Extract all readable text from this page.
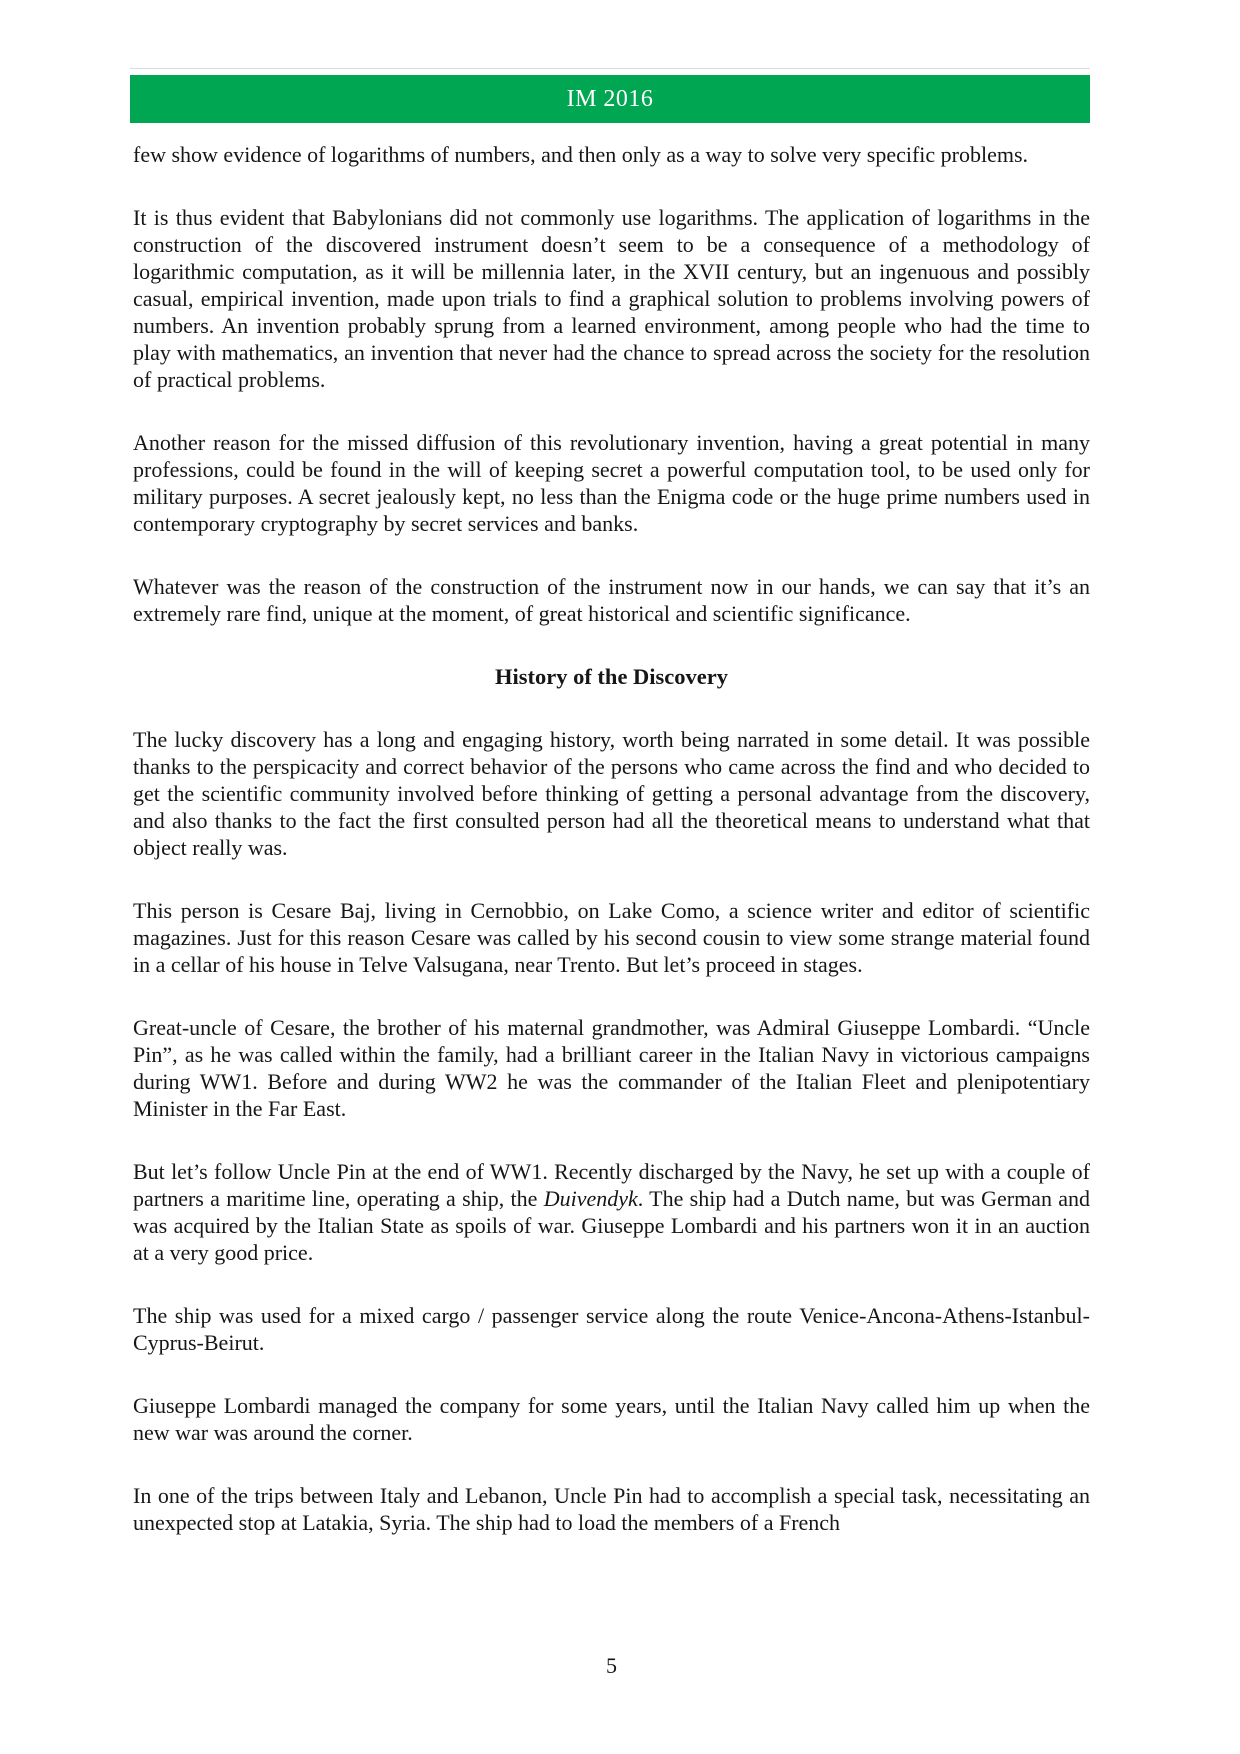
IM 2016

few show evidence of logarithms of numbers, and then only as a way to solve very specific problems.

It is thus evident that Babylonians did not commonly use logarithms. The application of logarithms in the construction of the discovered instrument doesn’t seem to be a consequence of a methodology of logarithmic computation, as it will be millennia later, in the XVII century, but an ingenuous and possibly casual, empirical invention, made upon trials to find a graphical solution to problems involving powers of numbers. An invention probably sprung from a learned environment, among people who had the time to play with mathematics, an invention that never had the chance to spread across the society for the resolution of practical problems.

Another reason for the missed diffusion of this revolutionary invention, having a great potential in many professions, could be found in the will of keeping secret a powerful computation tool, to be used only for military purposes. A secret jealously kept, no less than the Enigma code or the huge prime numbers used in contemporary cryptography by secret services and banks.

Whatever was the reason of the construction of the instrument now in our hands, we can say that it’s an extremely rare find, unique at the moment, of great historical and scientific significance.

History of the Discovery

The lucky discovery has a long and engaging history, worth being narrated in some detail. It was possible thanks to the perspicacity and correct behavior of the persons who came across the find and who decided to get the scientific community involved before thinking of getting a personal advantage from the discovery, and also thanks to the fact the first consulted person had all the theoretical means to understand what that object really was.

This person is Cesare Baj, living in Cernobbio, on Lake Como, a science writer and editor of scientific magazines. Just for this reason Cesare was called by his second cousin to view some strange material found in a cellar of his house in Telve Valsugana, near Trento. But let’s proceed in stages.

Great-uncle of Cesare, the brother of his maternal grandmother, was Admiral Giuseppe Lombardi. “Uncle Pin”, as he was called within the family, had a brilliant career in the Italian Navy in victorious campaigns during WW1. Before and during WW2 he was the commander of the Italian Fleet and plenipotentiary Minister in the Far East.

But let’s follow Uncle Pin at the end of WW1. Recently discharged by the Navy, he set up with a couple of partners a maritime line, operating a ship, the Duivendyk. The ship had a Dutch name, but was German and was acquired by the Italian State as spoils of war. Giuseppe Lombardi and his partners won it in an auction at a very good price.

The ship was used for a mixed cargo / passenger service along the route Venice-Ancona-Athens-Istanbul-Cyprus-Beirut.

Giuseppe Lombardi managed the company for some years, until the Italian Navy called him up when the new war was around the corner.

In one of the trips between Italy and Lebanon, Uncle Pin had to accomplish a special task, necessitating an unexpected stop at Latakia, Syria. The ship had to load the members of a French

5
